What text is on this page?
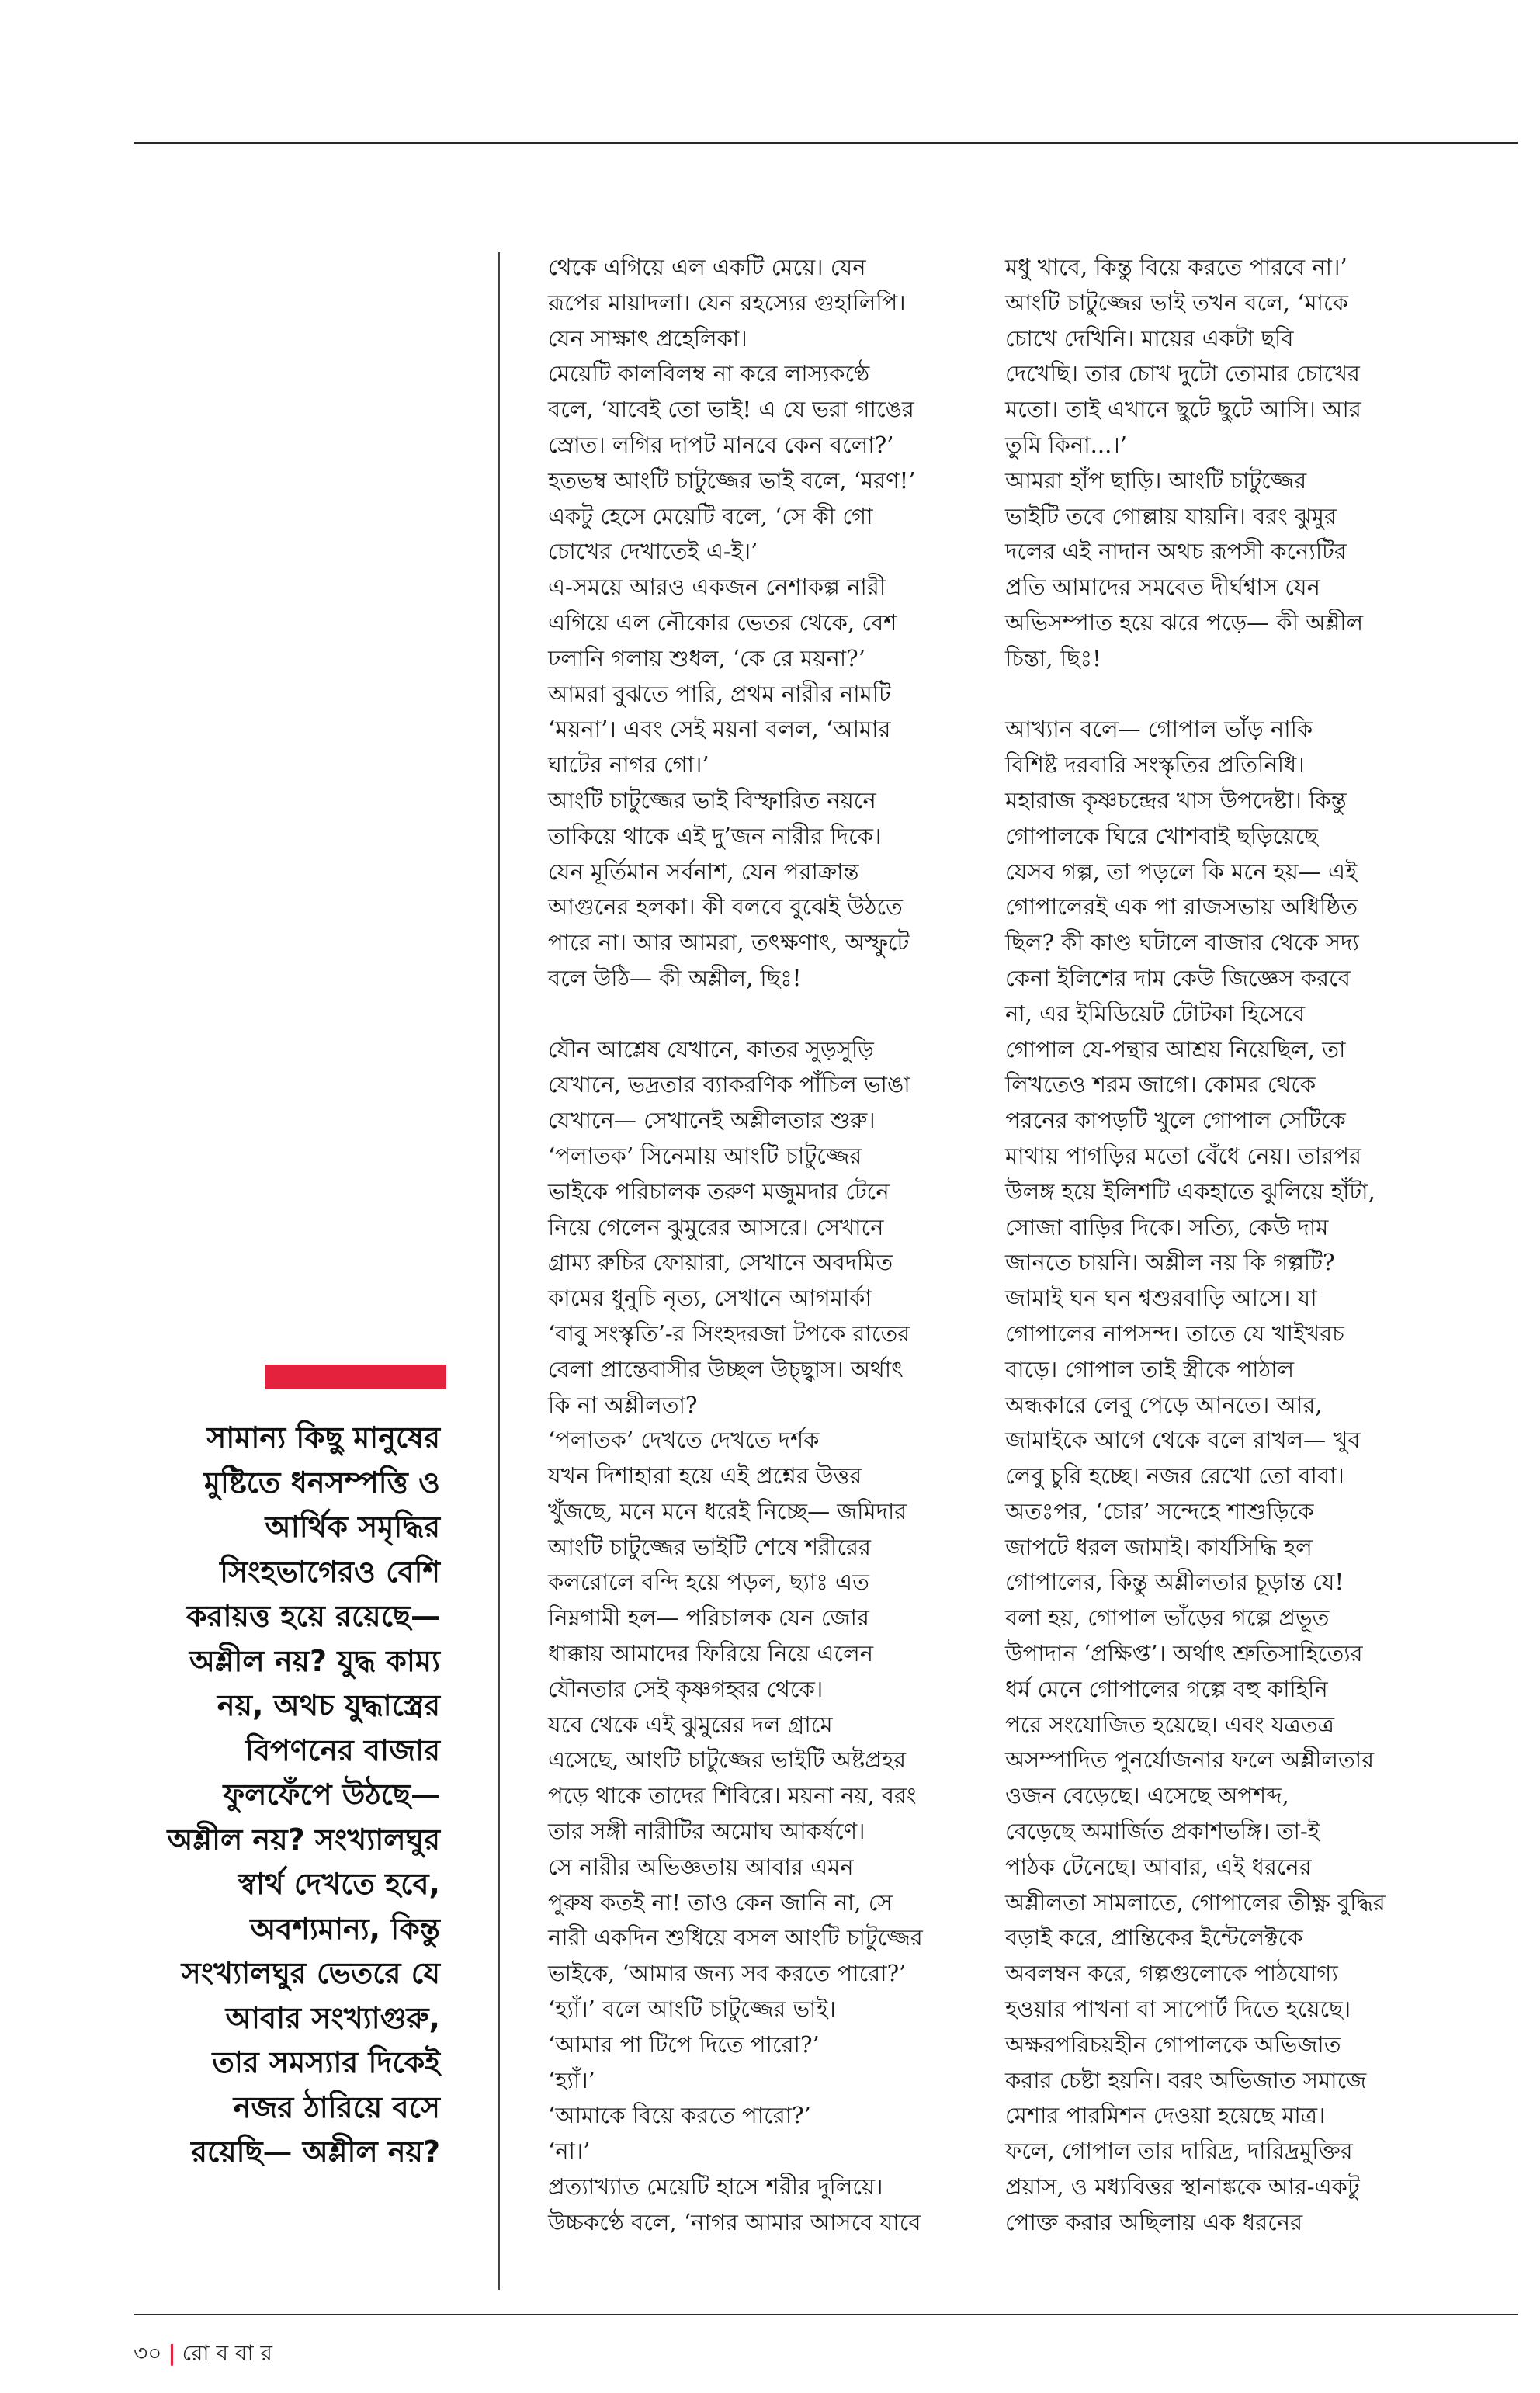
সামান্য কিছু মানুষের
মুষ্টিতে ধনসম্পত্তি ও
আর্থিক সমৃদ্ধির
সিংহভাগেরও বেশি
করায়ত্ত হয়ে রয়েছে—
অশ্লীল নয়? যুদ্ধ কাম্য
নয়, অথচ যুদ্ধাস্ত্রের
বিপণনের বাজার
ফুলফেঁপে উঠছে—
অশ্লীল নয়? সংখ্যালঘুর
স্বার্থ দেখতে হবে,
অবশ্যমান্য, কিন্তু
সংখ্যালঘুর ভেতরে যে
আবার সংখ্যাগুরু,
তার সমস্যার দিকেই
নজর ঠারিয়ে বসে
রয়েছি— অশ্লীল নয়?
থেকে এগিয়ে এল একটি মেয়ে। যেন
রূপের মায়াদলা। যেন রহস্যের গুহালিপি।
যেন সাক্ষাৎ প্রহেলিকা।
মেয়েটি কালবিলম্ব না করে লাস্যকণ্ঠে
বলে, ‘যাবেই তো ভাই! এ যে ভরা গাঙের
স্রোত। লগির দাপট মানবে কেন বলো?’
হতভম্ব আংটি চাটুজ্জের ভাই বলে, ‘মরণ!’
একটু হেসে মেয়েটি বলে, ‘সে কী গো
চোখের দেখাতেই এ-ই।’
এ-সময়ে আরও একজন নেশাকল্প নারী
এগিয়ে এল নৌকোর ভেতর থেকে, বেশ
ঢলানি গলায় শুধল, ‘কে রে ময়না?’
আমরা বুঝতে পারি, প্রথম নারীর নামটি
‘ময়না’। এবং সেই ময়না বলল, ‘আমার
ঘাটের নাগর গো।’
আংটি চাটুজ্জের ভাই বিস্ফারিত নয়নে
তাকিয়ে থাকে এই দু’জন নারীর দিকে।
যেন মূর্তিমান সর্বনাশ, যেন পরাক্রান্ত
আগুনের হলকা। কী বলবে বুঝেই উঠতে
পারে না। আর আমরা, তৎক্ষণাৎ, অস্ফুটে
বলে উঠি— কী অশ্লীল, ছিঃ!
যৌন আশ্লেষ যেখানে, কাতর সুড়সুড়ি
যেখানে, ভদ্রতার ব্যাকরণিক পাঁচিল ভাঙা
যেখানে— সেখানেই অশ্লীলতার শুরু।
‘পলাতক’ সিনেমায় আংটি চাটুজ্জের
ভাইকে পরিচালক তরুণ মজুমদার টেনে
নিয়ে গেলেন ঝুমুরের আসরে। সেখানে
গ্রাম্য রুচির ফোয়ারা, সেখানে অবদমিত
কামের ধুনুচি নৃত্য, সেখানে আগমার্কা
‘বাবু সংস্কৃতি’-র সিংহদরজা টপকে রাতের
বেলা প্রান্তেবাসীর উচ্ছল উচ্ছ্বাস। অর্থাৎ
কি না অশ্লীলতা?
‘পলাতক’ দেখতে দেখতে দর্শক
যখন দিশাহারা হয়ে এই প্রশ্নের উত্তর
খুঁজছে, মনে মনে ধরেই নিচ্ছে— জমিদার
আংটি চাটুজ্জের ভাইটি শেষে শরীরের
কলরোলে বন্দি হয়ে পড়ল, ছ্যাঃ এত
নিম্নগামী হল— পরিচালক যেন জোর
ধাক্কায় আমাদের ফিরিয়ে নিয়ে এলেন
যৌনতার সেই কৃষ্ণগহ্বর থেকে।
যবে থেকে এই ঝুমুরের দল গ্রামে
এসেছে, আংটি চাটুজ্জের ভাইটি অষ্টপ্রহর
পড়ে থাকে তাদের শিবিরে। ময়না নয়, বরং
তার সঙ্গী নারীটির অমোঘ আকর্ষণে।
সে নারীর অভিজ্ঞতায় আবার এমন
পুরুষ কতই না! তাও কেন জানি না, সে
নারী একদিন শুধিয়ে বসল আংটি চাটুজ্জের
ভাইকে, ‘আমার জন্য সব করতে পারো?’
‘হ্যাঁ।’ বলে আংটি চাটুজ্জের ভাই।
‘আমার পা টিপে দিতে পারো?’
‘হ্যাঁ।’
‘আমাকে বিয়ে করতে পারো?’
‘না।’
প্রত্যাখ্যাত মেয়েটি হাসে শরীর দুলিয়ে।
উচ্চকণ্ঠে বলে, ‘নাগর আমার আসবে যাবে
মধু খাবে, কিন্তু বিয়ে করতে পারবে না।’
আংটি চাটুজ্জের ভাই তখন বলে, ‘মাকে
চোখে দেখিনি। মায়ের একটা ছবি
দেখেছি। তার চোখ দুটো তোমার চোখের
মতো। তাই এখানে ছুটে ছুটে আসি। আর
তুমি কিনা...।’
আমরা হাঁপ ছাড়ি। আংটি চাটুজ্জের
ভাইটি তবে গোল্লায় যায়নি। বরং ঝুমুর
দলের এই নাদান অথচ রূপসী কন্যেটির
প্রতি আমাদের সমবেত দীর্ঘশ্বাস যেন
অভিসম্পাত হয়ে ঝরে পড়ে— কী অশ্লীল
চিন্তা, ছিঃ!
আখ্যান বলে— গোপাল ভাঁড় নাকি
বিশিষ্ট দরবারি সংস্কৃতির প্রতিনিধি।
মহারাজ কৃষ্ণচন্দ্রের খাস উপদেষ্টা। কিন্তু
গোপালকে ঘিরে খোশবাই ছড়িয়েছে
যেসব গল্প, তা পড়লে কি মনে হয়— এই
গোপালেরই এক পা রাজসভায় অধিষ্ঠিত
ছিল? কী কাণ্ড ঘটালে বাজার থেকে সদ্য
কেনা ইলিশের দাম কেউ জিজ্ঞেস করবে
না, এর ইমিডিয়েট টোটকা হিসেবে
গোপাল যে-পন্থার আশ্রয় নিয়েছিল, তা
লিখতেও শরম জাগে। কোমর থেকে
পরনের কাপড়টি খুলে গোপাল সেটিকে
মাথায় পাগড়ির মতো বেঁধে নেয়। তারপর
উলঙ্গ হয়ে ইলিশটি একহাতে ঝুলিয়ে হাঁটা,
সোজা বাড়ির দিকে। সত্যি, কেউ দাম
জানতে চায়নি। অশ্লীল নয় কি গল্পটি?
জামাই ঘন ঘন শ্বশুরবাড়ি আসে। যা
গোপালের নাপসন্দ। তাতে যে খাইখরচ
বাড়ে। গোপাল তাই স্ত্রীকে পাঠাল
অন্ধকারে লেবু পেড়ে আনতে। আর,
জামাইকে আগে থেকে বলে রাখল— খুব
লেবু চুরি হচ্ছে। নজর রেখো তো বাবা।
অতঃপর, ‘চোর’ সন্দেহে শাশুড়িকে
জাপটে ধরল জামাই। কার্যসিদ্ধি হল
গোপালের, কিন্তু অশ্লীলতার চূড়ান্ত যে!
বলা হয়, গোপাল ভাঁড়ের গল্পে প্রভূত
উপাদান ‘প্রক্ষিপ্ত’। অর্থাৎ শ্রুতিসাহিত্যের
ধর্ম মেনে গোপালের গল্পে বহু কাহিনি
পরে সংযোজিত হয়েছে। এবং যত্রতত্র
অসম্পাদিত পুনর্যোজনার ফলে অশ্লীলতার
ওজন বেড়েছে। এসেছে অপশব্দ,
বেড়েছে অমার্জিত প্রকাশভঙ্গি। তা-ই
পাঠক টেনেছে। আবার, এই ধরনের
অশ্লীলতা সামলাতে, গোপালের তীক্ষ্ণ বুদ্ধির
বড়াই করে, প্রান্তিকের ইন্টেলেক্টকে
অবলম্বন করে, গল্পগুলোকে পাঠযোগ্য
হওয়ার পাখনা বা সাপোর্ট দিতে হয়েছে।
অক্ষরপরিচয়হীন গোপালকে অভিজাত
করার চেষ্টা হয়নি। বরং অভিজাত সমাজে
মেশার পারমিশন দেওয়া হয়েছে মাত্র।
ফলে, গোপাল তার দারিদ্র, দারিদ্রমুক্তির
প্রয়াস, ও মধ্যবিত্তর স্থানাঙ্ককে আর-একটু
পোক্ত করার অছিলায় এক ধরনের
৩০ | রো ব বা র
